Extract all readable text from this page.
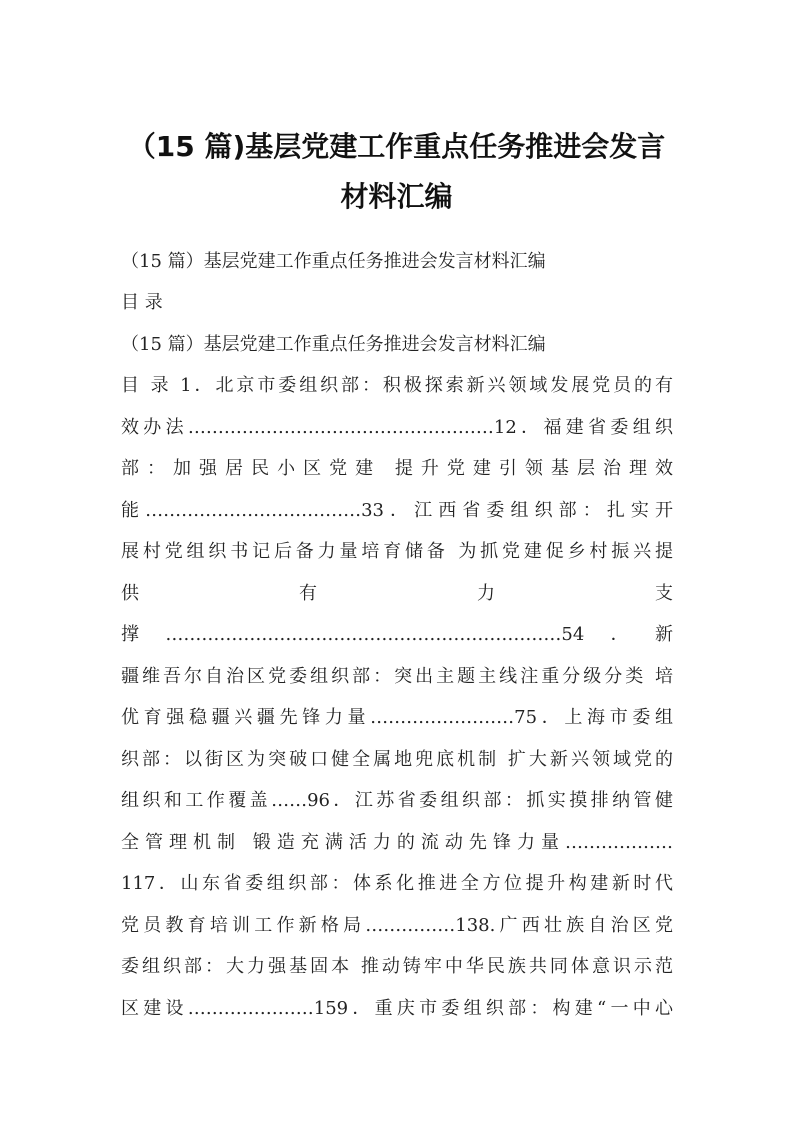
（15 篇)基层党建工作重点任务推进会发言
材料汇编
（15 篇）基层党建工作重点任务推进会发言材料汇编
目 录
（15 篇）基层党建工作重点任务推进会发言材料汇编
目 录 1．北京市委组织部：积极探索新兴领域发展党员的有
效办法……………………………………………12．福建省委组织
部：加强居民小区党建 提升党建引领基层治理效
能………………………………33．江西省委组织部：扎实开
展村党组织书记后备力量培育储备 为抓党建促乡村振兴提
供 有 力 支
撑…………………………………………………………54．新
疆维吾尔自治区党委组织部：突出主题主线注重分级分类 培
优育强稳疆兴疆先锋力量……………………75．上海市委组
织部：以街区为突破口健全属地兜底机制 扩大新兴领域党的
组织和工作覆盖……96．江苏省委组织部：抓实摸排纳管健
全管理机制 锻造充满活力的流动先锋力量………………
117．山东省委组织部：体系化推进全方位提升构建新时代
党员教育培训工作新格局……………138.广西壮族自治区党
委组织部：大力强基固本 推动铸牢中华民族共同体意识示范
区建设…………………159．重庆市委组织部：构建“一中心
